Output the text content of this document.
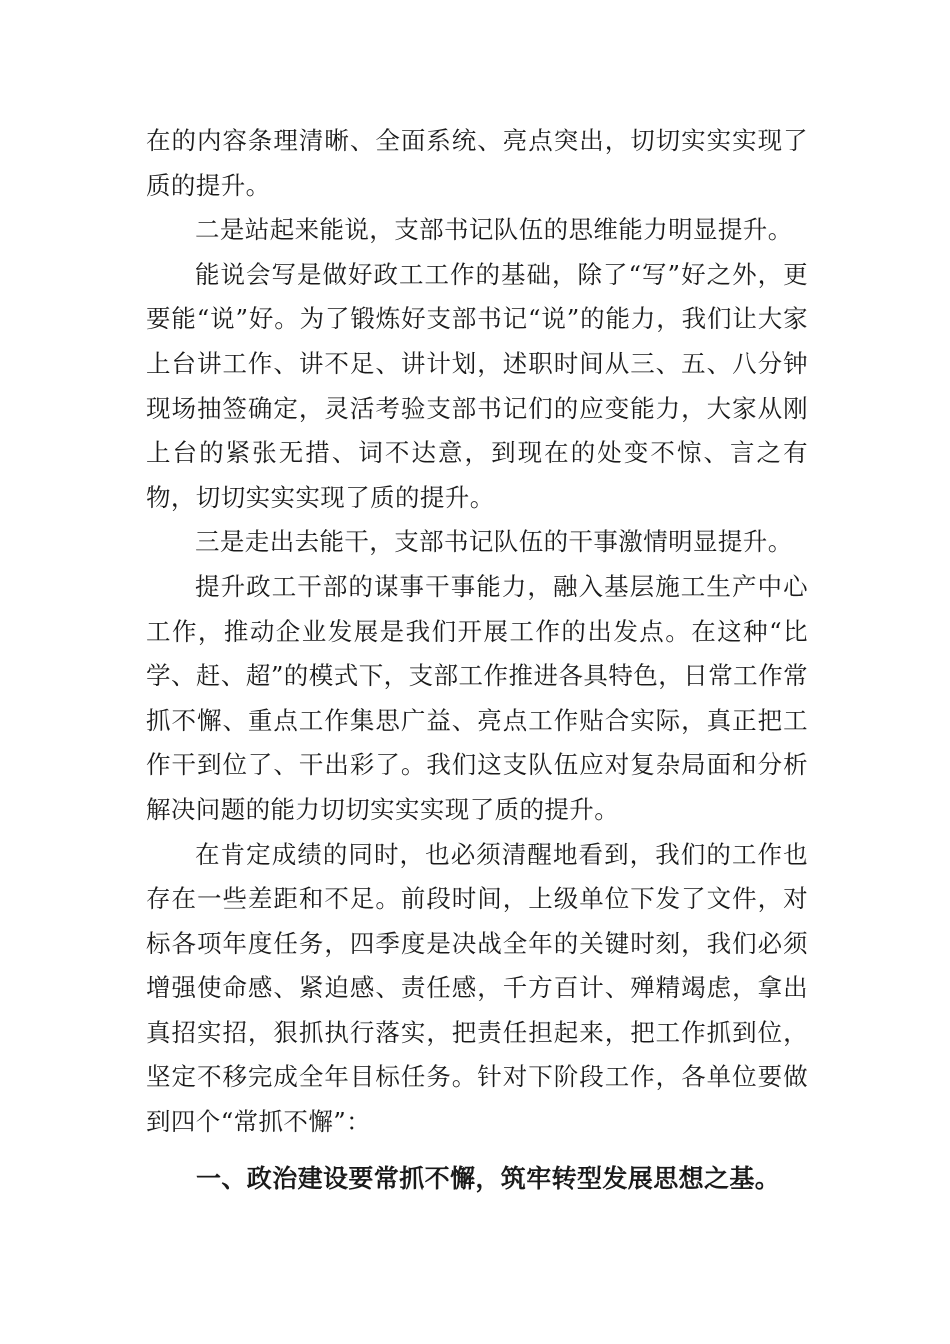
在的内容条理清晰、全面系统、亮点突出，切切实实实现了质的提升。

二是站起来能说，支部书记队伍的思维能力明显提升。

能说会写是做好政工工作的基础，除了“写”好之外，更要能“说”好。为了锻炼好支部书记“说”的能力，我们让大家上台讲工作、讲不足、讲计划，述职时间从三、五、八分钟现场抽签确定，灵活考验支部书记们的应变能力，大家从刚上台的紧张无措、词不达意，到现在的处变不惊、言之有物，切切实实实现了质的提升。

三是走出去能干，支部书记队伍的干事激情明显提升。

提升政工干部的谋事干事能力，融入基层施工生产中心工作，推动企业发展是我们开展工作的出发点。在这种“比学、赶、超”的模式下，支部工作推进各具特色，日常工作常抓不懈、重点工作集思广益、亮点工作贴合实际，真正把工作干到位了、干出彩了。我们这支队伍应对复杂局面和分析解决问题的能力切切实实实现了质的提升。

在肯定成绩的同时，也必须清醒地看到，我们的工作也存在一些差距和不足。前段时间，上级单位下发了文件，对标各项年度任务，四季度是决战全年的关键时刻，我们必须增强使命感、紧迫感、责任感，千方百计、殚精竭虑，拿出真招实招，狠抓执行落实，把责任担起来，把工作抓到位，坚定不移完成全年目标任务。针对下阶段工作，各单位要做到四个“常抓不懈”：

一、政治建设要常抓不懈，筑牢转型发展思想之基。
